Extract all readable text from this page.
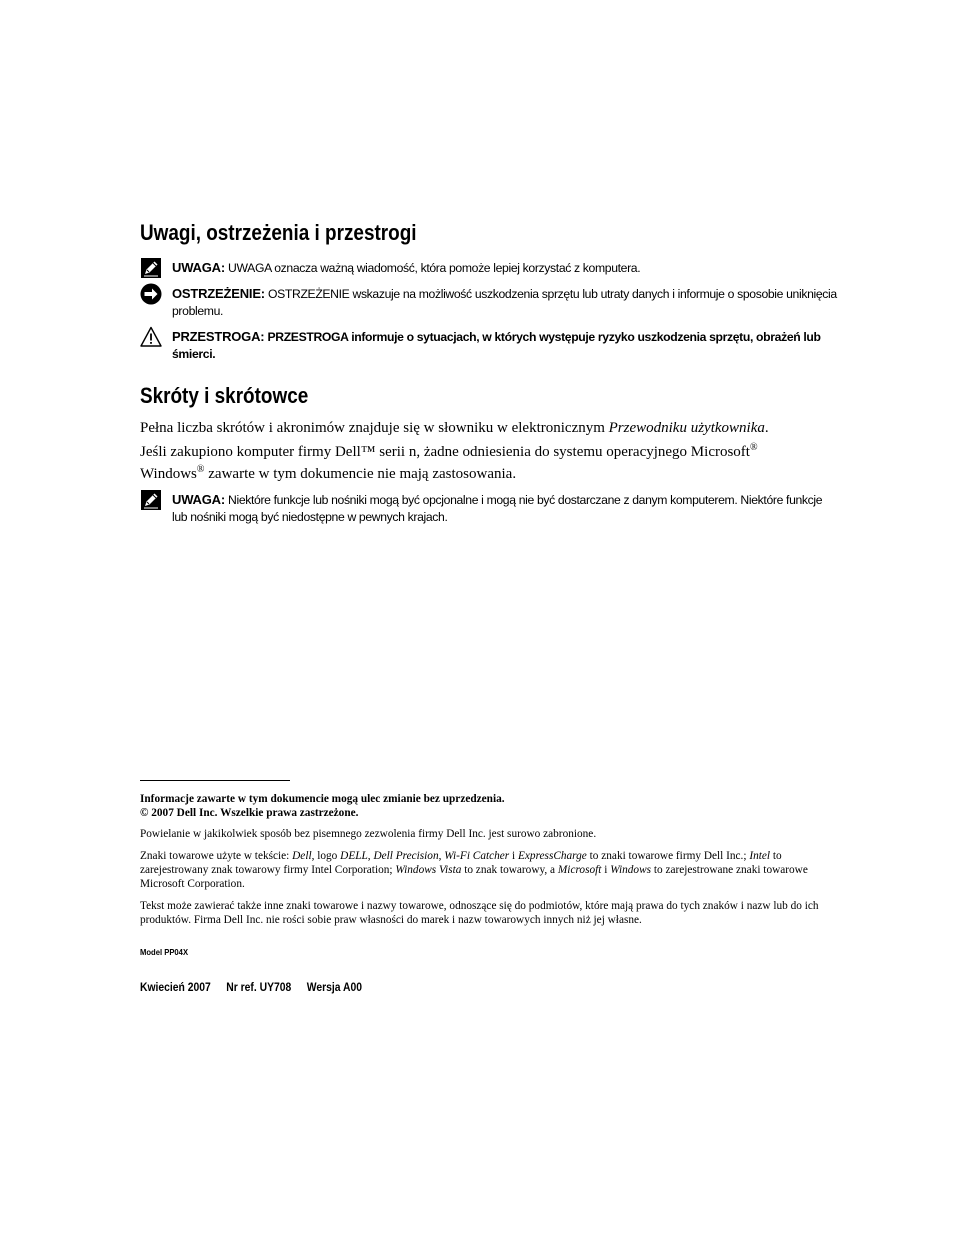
Uwagi, ostrzeżenia i przestrogi
UWAGA: UWAGA oznacza ważną wiadomość, która pomoże lepiej korzystać z komputera.
OSTRZEŻENIE: OSTRZEŻENIE wskazuje na możliwość uszkodzenia sprzętu lub utraty danych i informuje o sposobie uniknięcia problemu.
PRZESTROGA: PRZESTROGA informuje o sytuacjach, w których występuje ryzyko uszkodzenia sprzętu, obrażeń lub śmierci.
Skróty i skrótowce
Pełna liczba skrótów i akronimów znajduje się w słowniku w elektronicznym Przewodniku użytkownika.
Jeśli zakupiono komputer firmy Dell™ serii n, żadne odniesienia do systemu operacyjnego Microsoft®
Windows® zawarte w tym dokumencie nie mają zastosowania.
UWAGA: Niektóre funkcje lub nośniki mogą być opcjonalne i mogą nie być dostarczane z danym komputerem. Niektóre funkcje lub nośniki mogą być niedostępne w pewnych krajach.
Informacje zawarte w tym dokumencie mogą ulec zmianie bez uprzedzenia.
© 2007 Dell Inc. Wszelkie prawa zastrzeżone.
Powielanie w jakikolwiek sposób bez pisemnego zezwolenia firmy Dell Inc. jest surowo zabronione.
Znaki towarowe użyte w tekście: Dell, logo DELL, Dell Precision, Wi-Fi Catcher i ExpressCharge to znaki towarowe firmy Dell Inc.; Intel to zarejestrowany znak towarowy firmy Intel Corporation; Windows Vista to znak towarowy, a Microsoft i Windows to zarejestrowane znaki towarowe Microsoft Corporation.
Tekst może zawierać także inne znaki towarowe i nazwy towarowe, odnoszące się do podmiotów, które mają prawa do tych znaków i nazw lub do ich produktów. Firma Dell Inc. nie rości sobie praw własności do marek i nazw towarowych innych niż jej własne.
Model PP04X
Kwiecień 2007 Nr ref. UY708 Wersja A00
